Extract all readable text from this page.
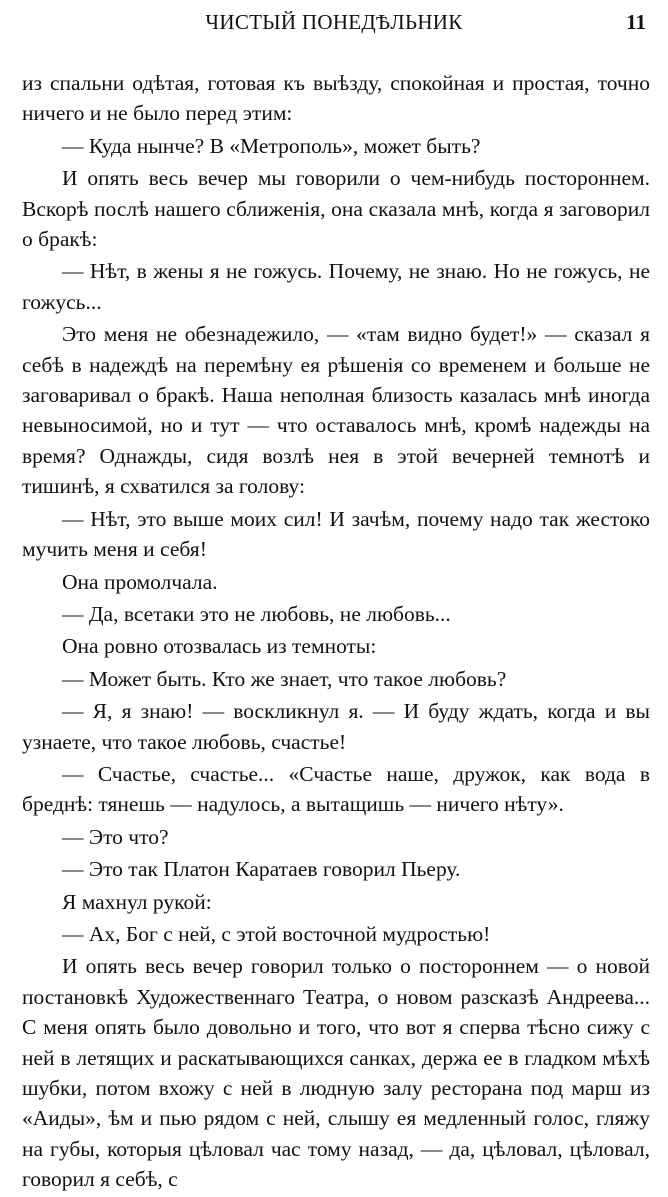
ЧИСТЫЙ ПОНЕДѢЛЬНИК	11

из спальни одѣтая, готовая къ выѣзду, спокойная и простая, точно ничего и не было перед этим:

— Куда нынче? В «Метрополь», может быть?

И опять весь вечер мы говорили о чем-нибудь постороннем. Вскорѣ послѣ нашего сближенія, она сказала мнѣ, когда я заговорил о бракѣ:

— Нѣт, в жены я не гожусь. Почему, не знаю. Но не гожусь, не гожусь...

Это меня не обезнадежило, — «там видно будет!» — сказал я себѣ в надеждѣ на перемѣну ея рѣшенія со временем и больше не заговаривал о бракѣ. Наша неполная близость казалась мнѣ иногда невыносимой, но и тут — что оставалось мнѣ, кромѣ надежды на время? Однажды, сидя возлѣ нея в этой вечерней темнотѣ и тишинѣ, я схватился за голову:

— Нѣт, это выше моих сил! И зачѣм, почему надо так жестоко мучить меня и себя!

Она промолчала.

— Да, всетаки это не любовь, не любовь...

Она ровно отозвалась из темноты:

— Может быть. Кто же знает, что такое любовь?

— Я, я знаю! — воскликнул я. — И буду ждать, когда и вы узнаете, что такое любовь, счастье!

— Счастье, счастье... «Счастье наше, дружок, как вода в бреднѣ: тянешь — надулось, а вытащишь — ничего нѣту».

— Это что?

— Это так Платон Каратаев говорил Пьеру.

Я махнул рукой:

— Ах, Бог с ней, с этой восточной мудростью!

И опять весь вечер говорил только о постороннем — о новой постановкѣ Художественнаго Театра, о новом разсказѣ Андреева... С меня опять было довольно и того, что вот я сперва тѣсно сижу с ней в летящих и раскатывающихся санках, держа ее в гладком мѣхѣ шубки, потом вхожу с ней в людную залу ресторана под марш из «Аиды», ѣм и пью рядом с ней, слышу ея медленный голос, гляжу на губы, которыя цѣловал час тому назад, — да, цѣловал, цѣловал, говорил я себѣ, с
